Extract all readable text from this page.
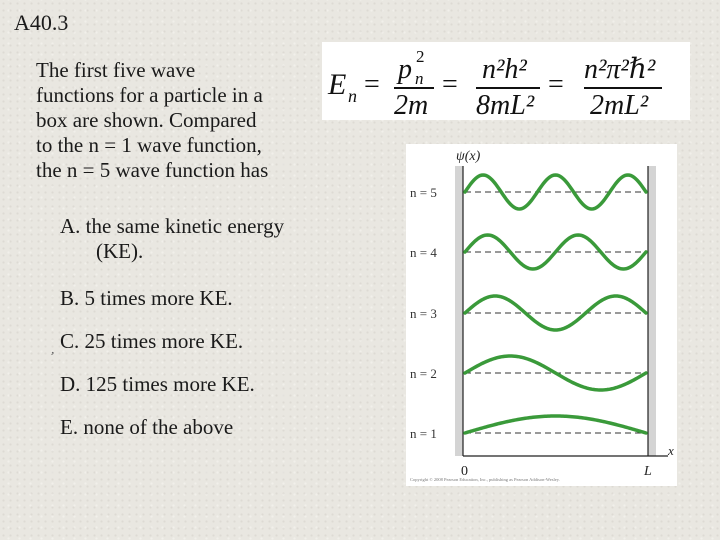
A40.3
The first five wave
functions for a particle in a
box are shown. Compared
to the n = 1 wave function,
the n = 5 wave function has
A. the same kinetic energy
(KE).
B. 5 times more KE.
C. 25 times more KE.
D. 125 times more KE.
E. none of the above
ʼ
E n = p n
2
2m
= n²h²
8mL²
= n²π²ℏ²
2mL²
ψ(x)
x
0	L
n = 5
n = 4
n = 3
n = 2
n = 1
Copyright © 2008 Pearson Education, Inc., publishing as Pearson Addison-Wesley.
